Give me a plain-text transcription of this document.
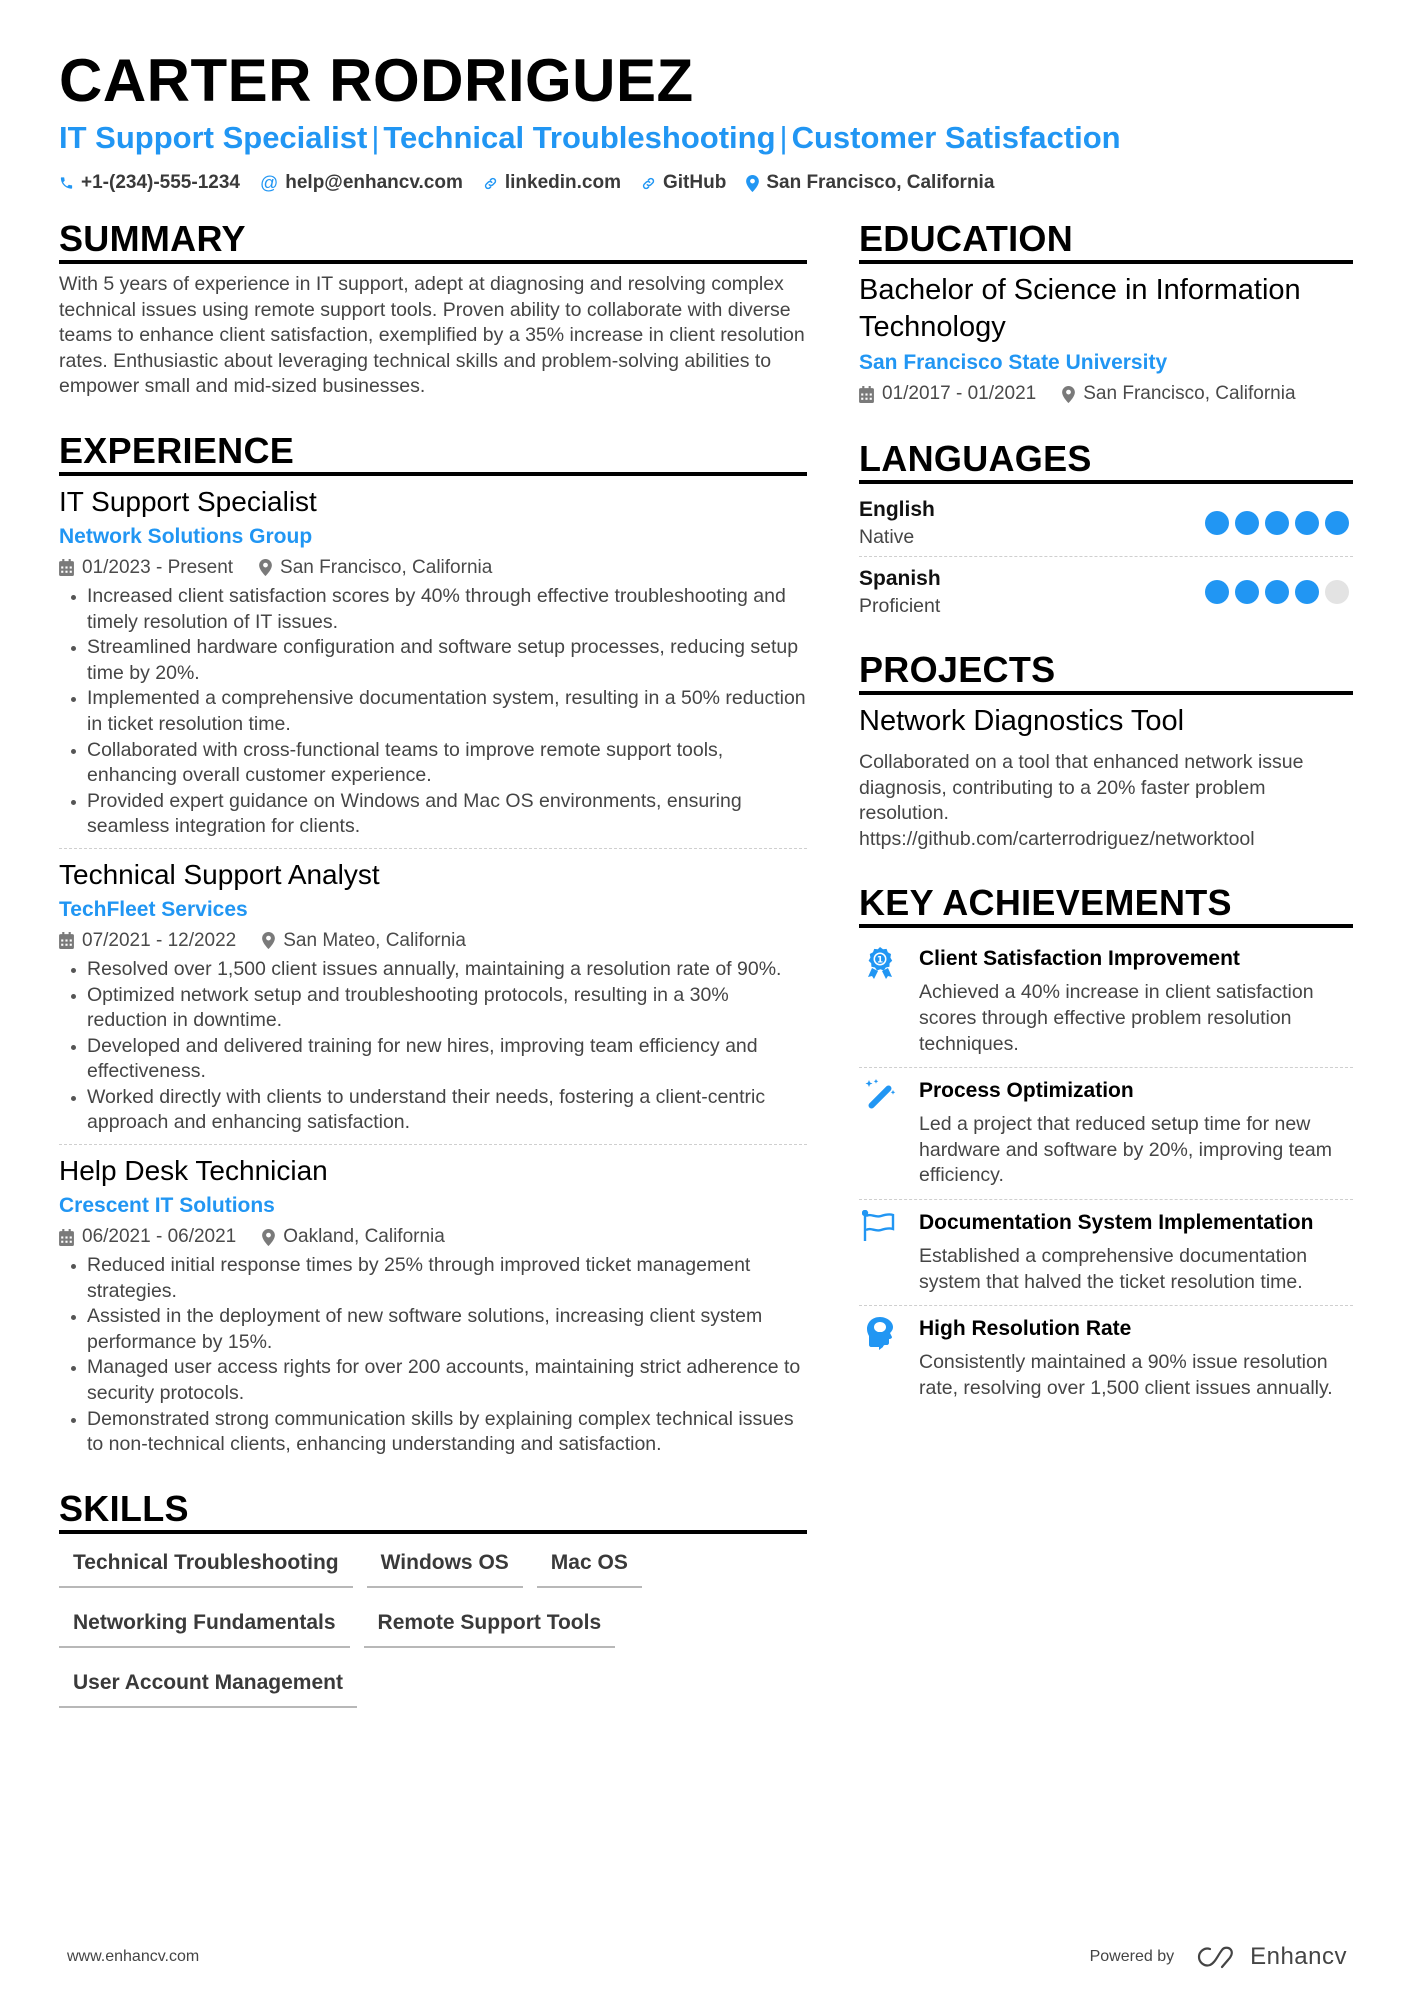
CARTER RODRIGUEZ
IT Support Specialist | Technical Troubleshooting | Customer Satisfaction
+1-(234)-555-1234 @ help@enhancv.com linkedin.com GitHub San Francisco, California
SUMMARY
With 5 years of experience in IT support, adept at diagnosing and resolving complex technical issues using remote support tools. Proven ability to collaborate with diverse teams to enhance client satisfaction, exemplified by a 35% increase in client resolution rates. Enthusiastic about leveraging technical skills and problem-solving abilities to empower small and mid-sized businesses.
EXPERIENCE
IT Support Specialist
Network Solutions Group
01/2023 - Present San Francisco, California
Increased client satisfaction scores by 40% through effective troubleshooting and timely resolution of IT issues.
Streamlined hardware configuration and software setup processes, reducing setup time by 20%.
Implemented a comprehensive documentation system, resulting in a 50% reduction in ticket resolution time.
Collaborated with cross-functional teams to improve remote support tools, enhancing overall customer experience.
Provided expert guidance on Windows and Mac OS environments, ensuring seamless integration for clients.
Technical Support Analyst
TechFleet Services
07/2021 - 12/2022 San Mateo, California
Resolved over 1,500 client issues annually, maintaining a resolution rate of 90%.
Optimized network setup and troubleshooting protocols, resulting in a 30% reduction in downtime.
Developed and delivered training for new hires, improving team efficiency and effectiveness.
Worked directly with clients to understand their needs, fostering a client-centric approach and enhancing satisfaction.
Help Desk Technician
Crescent IT Solutions
06/2021 - 06/2021 Oakland, California
Reduced initial response times by 25% through improved ticket management strategies.
Assisted in the deployment of new software solutions, increasing client system performance by 15%.
Managed user access rights for over 200 accounts, maintaining strict adherence to security protocols.
Demonstrated strong communication skills by explaining complex technical issues to non-technical clients, enhancing understanding and satisfaction.
SKILLS
Technical Troubleshooting	Windows OS	Mac OS
Networking Fundamentals	Remote Support Tools
User Account Management
EDUCATION
Bachelor of Science in Information Technology
San Francisco State University
01/2017 - 01/2021 San Francisco, California
LANGUAGES
English
Native
Spanish
Proficient
PROJECTS
Network Diagnostics Tool
Collaborated on a tool that enhanced network issue diagnosis, contributing to a 20% faster problem resolution.
https://github.com/carterrodriguez/networktool
KEY ACHIEVEMENTS
1 Client Satisfaction Improvement
Achieved a 40% increase in client satisfaction scores through effective problem resolution techniques.
Process Optimization
Led a project that reduced setup time for new hardware and software by 20%, improving team efficiency.
Documentation System Implementation
Established a comprehensive documentation system that halved the ticket resolution time.
High Resolution Rate
Consistently maintained a 90% issue resolution rate, resolving over 1,500 client issues annually.
www.enhancv.com	Powered by	Enhancv
